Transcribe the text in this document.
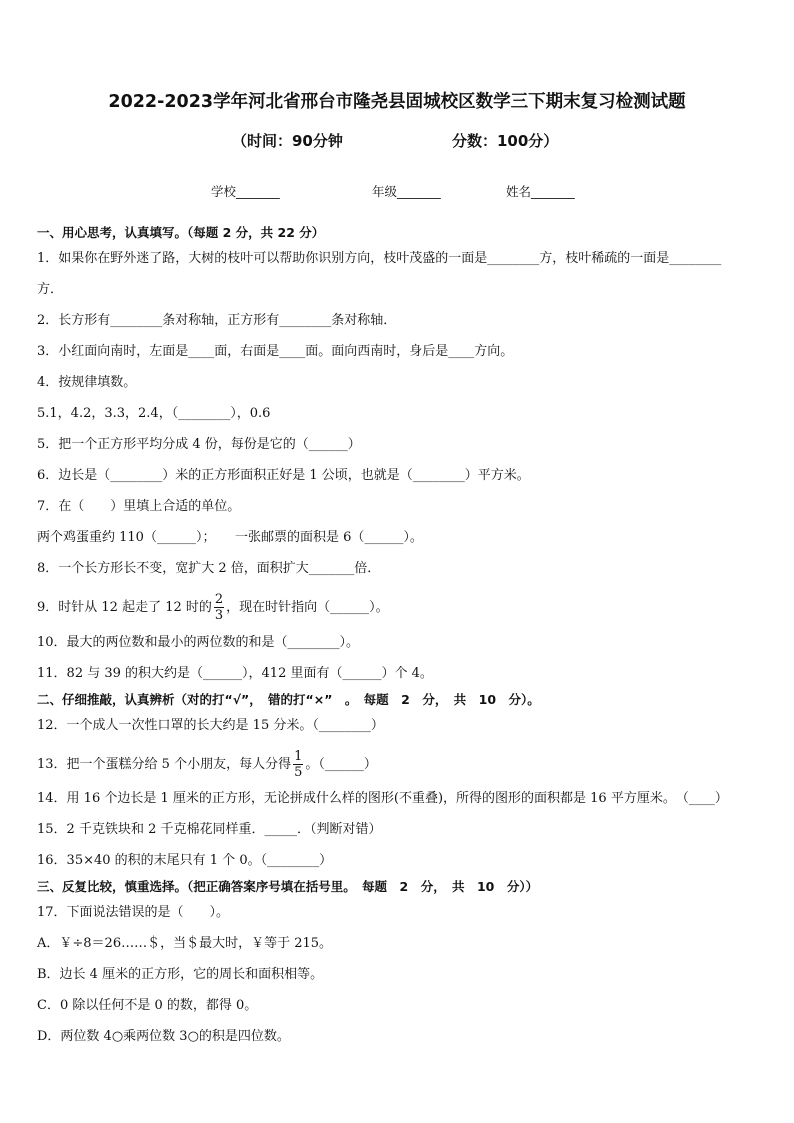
2022-2023学年河北省邢台市隆尧县固城校区数学三下期末复习检测试题
（时间：90分钟	分数：100分）
学校_______	年级_______	姓名_______
一、用心思考，认真填写。（每题 2 分，共 22 分）
1．如果你在野外迷了路，大树的枝叶可以帮助你识别方向，枝叶茂盛的一面是________方，枝叶稀疏的一面是________
方．
2．长方形有________条对称轴，正方形有________条对称轴．
3．小红面向南时，左面是____面，右面是____面。面向西南时，身后是____方向。
4．按规律填数。
5.1，4.2，3.3，2.4，（________），0.6
5．把一个正方形平均分成 4 份，每份是它的（______）
6．边长是（________）米的正方形面积正好是 1 公顷，也就是（________）平方米。
7．在（　　）里填上合适的单位。
两个鸡蛋重约 110（______）；　　一张邮票的面积是 6（______）。
8．一个长方形长不变，宽扩大 2 倍，面积扩大_______倍．
9．时针从 12 起走了 12 时的 $\frac{2}{3}$ ，现在时针指向（______）。
10．最大的两位数和最小的两位数的和是（________）。
11．82 与 39 的积大约是（______），412 里面有（______）个 4。
二、仔细推敲，认真辨析（对的打“√”，　错的打“×”　。　每题　2　分，　共　10　分）。
12．一个成人一次性口罩的长大约是 15 分米。（________）
13．把一个蛋糕分给 5 个小朋友，每人分得 $\frac{1}{5}$ 。（______）
14．用 16 个边长是 1 厘米的正方形，无论拼成什么样的图形(不重叠)，所得的图形的面积都是 16 平方厘米。　（____）
15．2 千克铁块和 2 千克棉花同样重．_____．（判断对错）
16．35×40 的积的末尾只有 1 个 0。（________）
三、反复比较，慎重选择。（把正确答案序号填在括号里。　每题　2　分，　共　10　分））
17．下面说法错误的是（　　）。
A．￥÷8＝26……＄，当＄最大时，￥等于 215。
B．边长 4 厘米的正方形，它的周长和面积相等。
C．0 除以任何不是 0 的数，都得 0。
D．两位数 4○乘两位数 3○的积是四位数。
